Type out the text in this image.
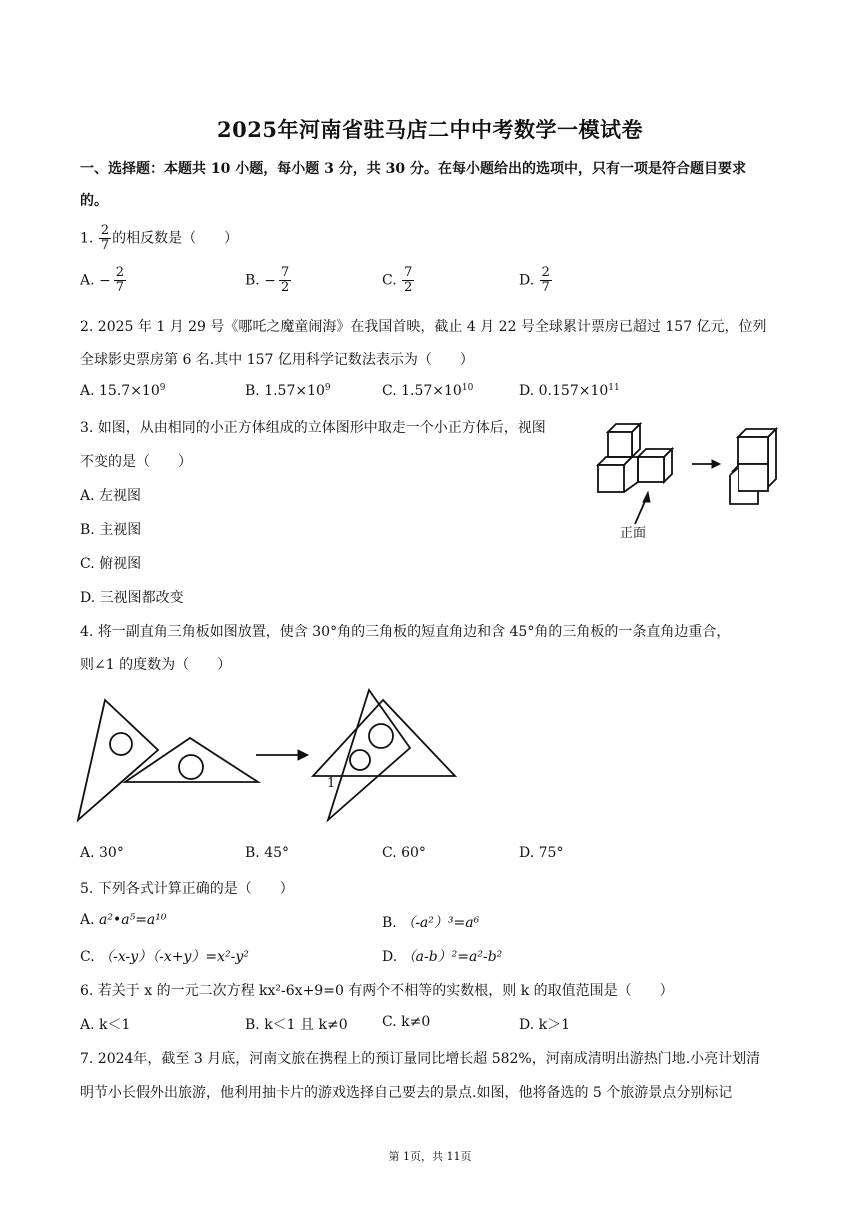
2025年河南省驻马店二中中考数学一模试卷
一、选择题：本题共 10 小题，每小题 3 分，共 30 分。在每小题给出的选项中，只有一项是符合题目要求
的。
1. $\frac{2}{7}$ 的相反数是（　　）
A. − $\frac{2}{7}$	B. − $\frac{7}{2}$	C. $\frac{7}{2}$	D. $\frac{2}{7}$
2. 2025 年 1 月 29 号《哪吒之魔童闹海》在我国首映，截止 4 月 22 号全球累计票房已超过 157 亿元，位列
全球影史票房第 6 名.其中 157 亿用科学记数法表示为（　　）
A. $15.7\times 10^9$	B. $1.57\times 10^9$	C. $1.57\times 10^{10}$	D. $0.157\times 10^{11}$
3. 如图，从由相同的小正方体组成的立体图形中取走一个小正方体后，视图
不变的是（　　）
A. 左视图
B. 主视图
C. 俯视图
D. 三视图都改变
正面
4. 将一副直角三角板如图放置，使含 30°角的三角板的短直角边和含 45°角的三角板的一条直角边重合，
则∠1 的度数为（　　）
1
A. 30°	B. 45°	C. 60°	D. 75°
5. 下列各式计算正确的是（　　）
A. a²•a⁵=a¹⁰	B. （-a²）³=a⁶
C. （-x-y）（-x+y）=x²-y²	D. （a-b）²=a²-b²
6. 若关于 x 的一元二次方程 kx²-6x+9=0 有两个不相等的实数根，则 k 的取值范围是（　　）
A. k＜1	B. k＜1 且 k≠0 C. k≠0	D. k＞1
7. 2024年，截至 3 月底，河南文旅在携程上的预订量同比增长超 582%，河南成清明出游热门地.小亮计划清
明节小长假外出旅游，他利用抽卡片的游戏选择自己要去的景点.如图，他将备选的 5 个旅游景点分别标记
第 1页，共 11页
